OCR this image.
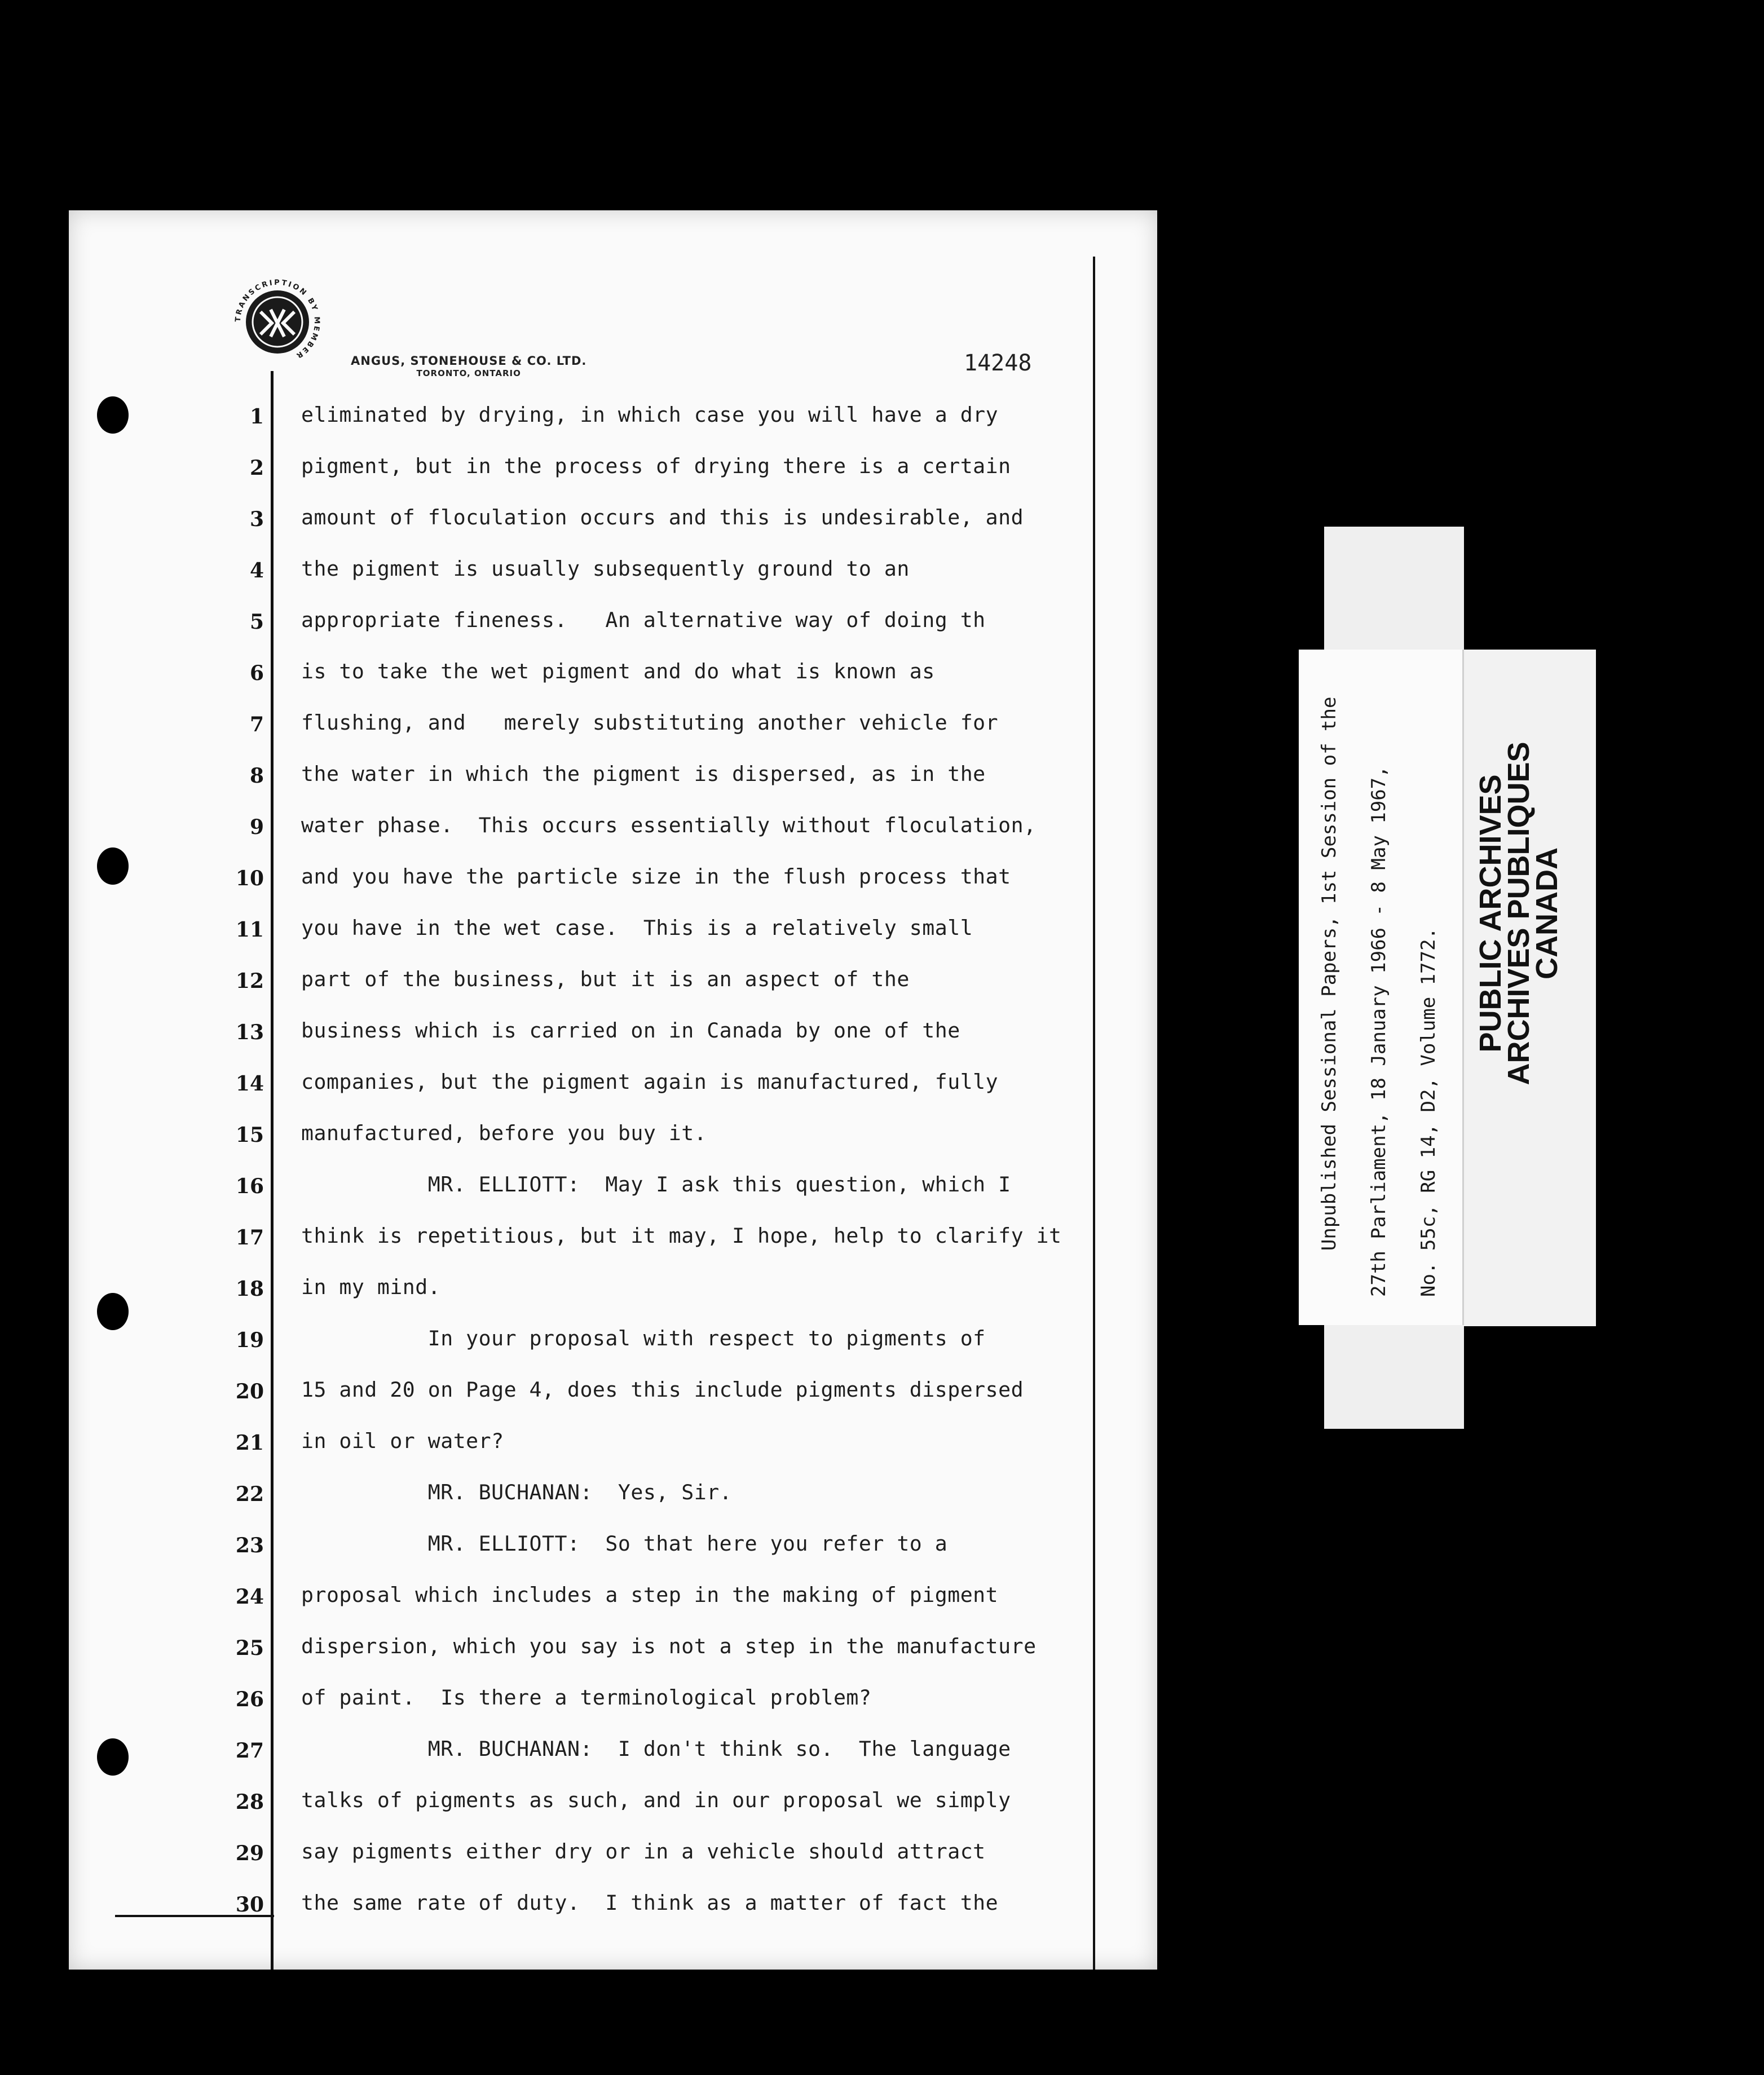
TRANSCRIPTION BY MEMBER	ANGUS, STONEHOUSE & CO. LTD.
TORONTO, ONTARIO	14248
1 eliminated by drying, in which case you will have a dry
2 pigment, but in the process of drying there is a certain
3 amount of floculation occurs and this is undesirable, and
4 the pigment is usually subsequently ground to an
5 appropriate fineness.   An alternative way of doing th
6 is to take the wet pigment and do what is known as
7 flushing, and   merely substituting another vehicle for
8 the water in which the pigment is dispersed, as in the
9 water phase.  This occurs essentially without floculation,
10 and you have the particle size in the flush process that
11 you have in the wet case.  This is a relatively small
12 part of the business, but it is an aspect of the
13 business which is carried on in Canada by one of the
14 companies, but the pigment again is manufactured, fully
15 manufactured, before you buy it.
16 MR. ELLIOTT:  May I ask this question, which I
17 think is repetitious, but it may, I hope, help to clarify it
18 in my mind.
19 In your proposal with respect to pigments of
20 15 and 20 on Page 4, does this include pigments dispersed
21 in oil or water?
22 MR. BUCHANAN:  Yes, Sir.
23 MR. ELLIOTT:  So that here you refer to a
24 proposal which includes a step in the making of pigment
25 dispersion, which you say is not a step in the manufacture
26 of paint.  Is there a terminological problem?
27 MR. BUCHANAN:  I don't think so.  The language
28 talks of pigments as such, and in our proposal we simply
29 say pigments either dry or in a vehicle should attract
30 the same rate of duty.  I think as a matter of fact the

Unpublished Sessional Papers, 1st Session of the
27th Parliament, 18 January 1966 - 8 May 1967,
No. 55c, RG 14, D2, Volume 1772.

PUBLIC ARCHIVES
ARCHIVES PUBLIQUES
CANADA
